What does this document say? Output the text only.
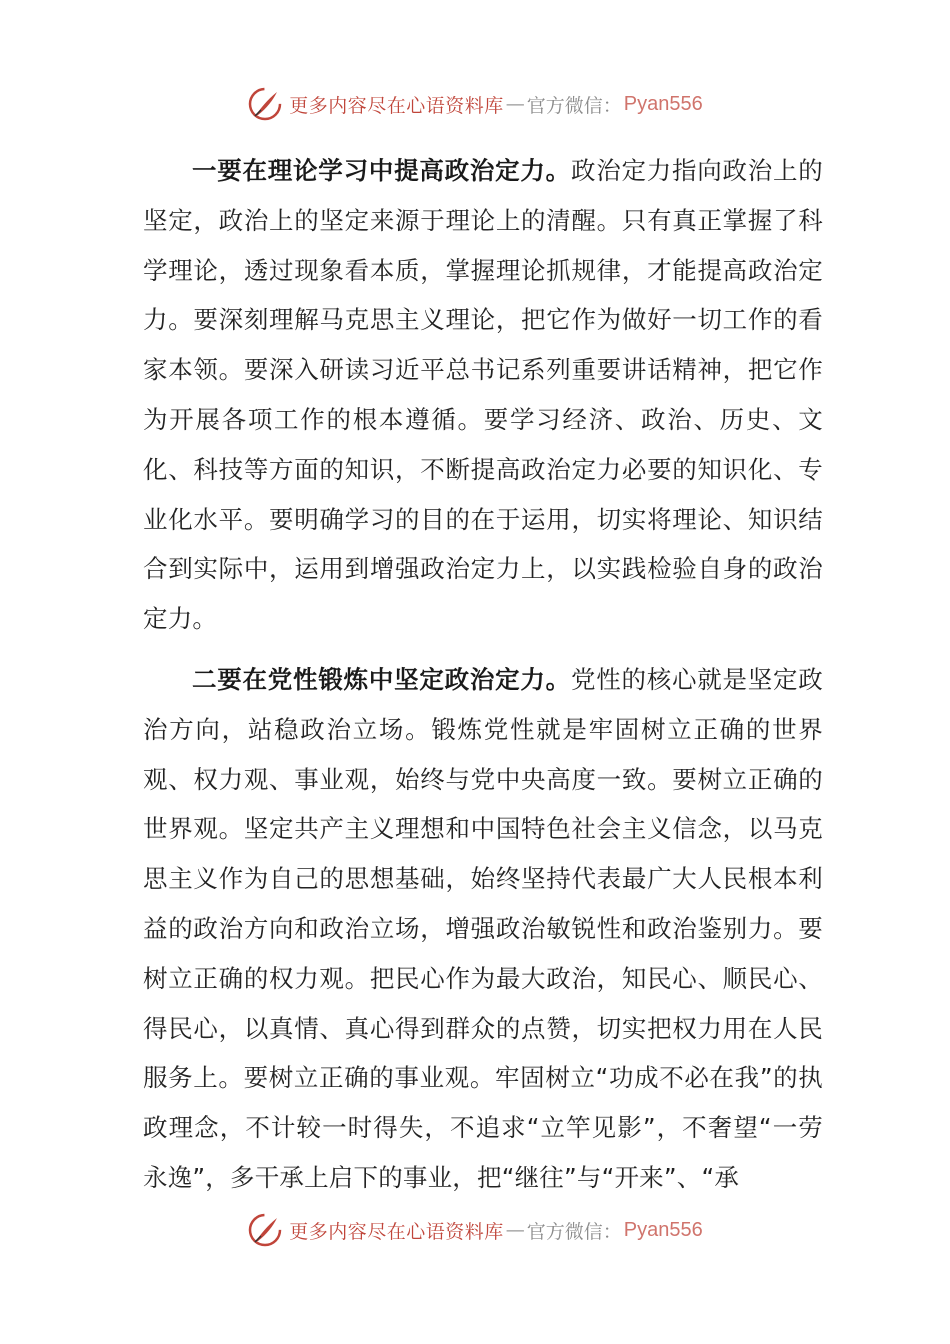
更多内容尽在心语资料库 — 官方微信： Pyan556

一要在理论学习中提高政治定力。政治定力指向政治上的坚定，政治上的坚定来源于理论上的清醒。只有真正掌握了科学理论，透过现象看本质，掌握理论抓规律，才能提高政治定力。要深刻理解马克思主义理论，把它作为做好一切工作的看家本领。要深入研读习近平总书记系列重要讲话精神，把它作为开展各项工作的根本遵循。要学习经济、政治、历史、文化、科技等方面的知识，不断提高政治定力必要的知识化、专业化水平。要明确学习的目的在于运用，切实将理论、知识结合到实际中，运用到增强政治定力上，以实践检验自身的政治定力。

二要在党性锻炼中坚定政治定力。党性的核心就是坚定政治方向，站稳政治立场。锻炼党性就是牢固树立正确的世界观、权力观、事业观，始终与党中央高度一致。要树立正确的世界观。坚定共产主义理想和中国特色社会主义信念，以马克思主义作为自己的思想基础，始终坚持代表最广大人民根本利益的政治方向和政治立场，增强政治敏锐性和政治鉴别力。要树立正确的权力观。把民心作为最大政治，知民心、顺民心、得民心，以真情、真心得到群众的点赞，切实把权力用在人民服务上。要树立正确的事业观。牢固树立“功成不必在我”的执政理念，不计较一时得失，不追求“立竿见影”，不奢望“一劳永逸”，多干承上启下的事业，把“继往”与“开来”、“承

更多内容尽在心语资料库 — 官方微信： Pyan556
